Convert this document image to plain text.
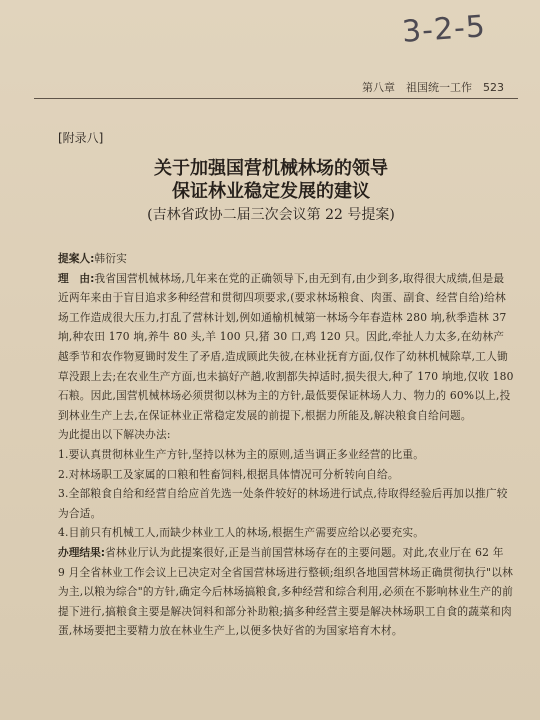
3-2-5
第八章　祖国统一工作　523
[附录八]
关于加强国营机械林场的领导
保证林业稳定发展的建议
(吉林省政协二届三次会议第 22 号提案)
提案人:韩衍实

理　由:我省国营机械林场,几年来在党的正确领导下,由无到有,由少到多,取得很大成绩,但是最近两年来由于盲目追求多种经营和贯彻四项要求,(要求林场粮食、肉蛋、副食、经营自给)给林场工作造成很大压力,打乱了营林计划,例如通榆机械第一林场今年春造林 280 垧,秋季造林 37 垧,种农田 170 垧,养牛 80 头,羊 100 只,猪 30 口,鸡 120 只。因此,牵扯人力太多,在幼林产越季节和农作物夏锄时发生了矛盾,造成顾此失彼,在林业抚育方面,仅作了幼林机械除草,工人锄草没跟上去;在农业生产方面,也未搞好产趟,收割都失掉适时,损失很大,种了 170 垧地,仅收 180 石粮。因此,国营机械林场必须贯彻以林为主的方针,最低要保证林场人力、物力的 60%以上,投到林业生产上去,在保证林业正常稳定发展的前提下,根据力所能及,解决粮食自给问题。

为此提出以下解决办法:

1.要认真贯彻林业生产方针,坚持以林为主的原则,适当调正多业经营的比重。

2.对林场职工及家属的口粮和牲畜饲料,根据具体情况可分析转向自给。

3.全部粮食自给和经营自给应首先选一处条件较好的林场进行试点,待取得经验后再加以推广较为合适。

4.目前只有机械工人,而缺少林业工人的林场,根据生产需要应给以必要充实。

办理结果:省林业厅认为此提案很好,正是当前国营林场存在的主要问题。对此,农业厅在 62 年 9 月全省林业工作会议上已决定对全省国营林场进行整顿;组织各地国营林场正确贯彻执行"以林为主,以粮为综合"的方针,确定今后林场搞粮食,多种经营和综合利用,必须在不影响林业生产的前提下进行,搞粮食主要是解决饲料和部分补助粮;搞多种经营主要是解决林场职工自食的蔬菜和肉蛋,林场要把主要精力放在林业生产上,以便多快好省的为国家培育木材。
